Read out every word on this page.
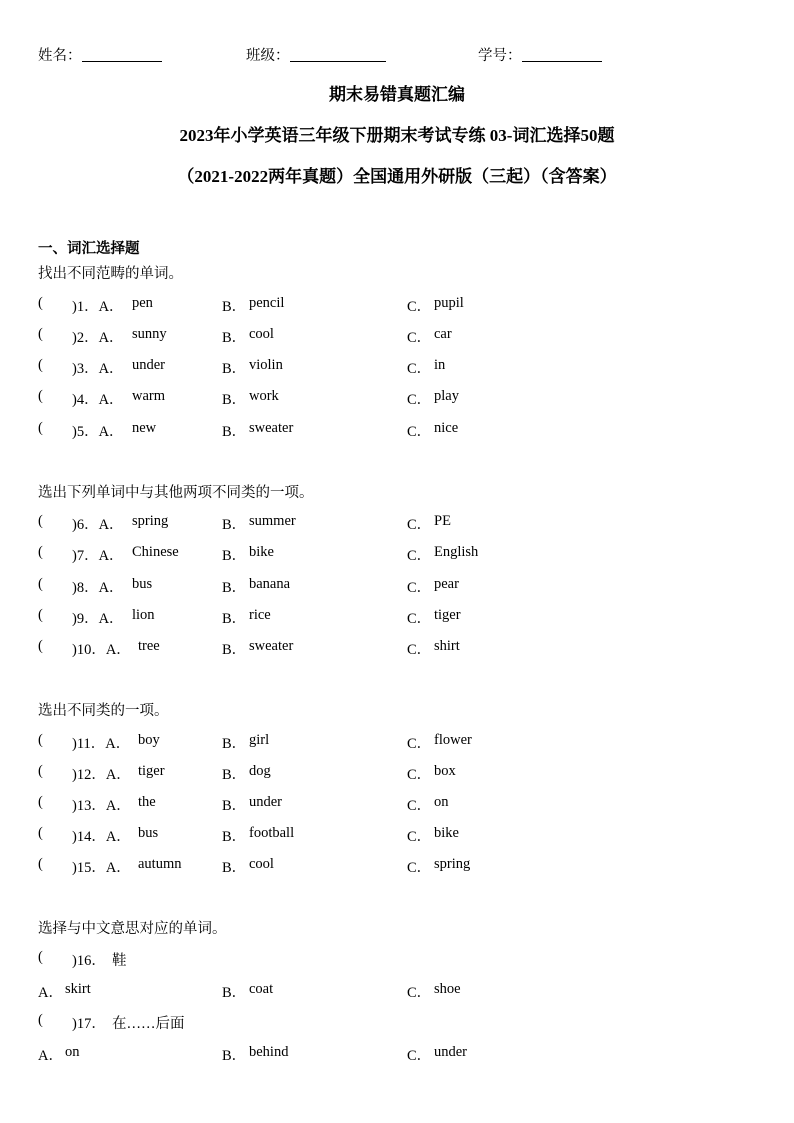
姓名：	班级：	学号：
期末易错真题汇编
2023年小学英语三年级下册期末考试专练 03-词汇选择50题
（2021-2022两年真题）全国通用外研版（三起）（含答案）
一、词汇选择题
找出不同范畴的单词。
( )1．A． pen	B． pencil	C． pupil
( )2．A． sunny	B． cool	C． car
( )3．A． under	B． violin	C． in
( )4．A． warm	B． work	C． play
( )5．A． new	B． sweater	C． nice
选出下列单词中与其他两项不同类的一项。
( )6．A． spring	B． summer	C． PE
( )7．A． Chinese	B． bike	C． English
( )8．A． bus	B． banana	C． pear
( )9．A． lion	B． rice	C． tiger
( )10．A． tree	B． sweater	C． shirt
选出不同类的一项。
( )11．A． boy	B． girl	C． flower
( )12．A． tiger	B． dog	C． box
( )13．A． the	B． under	C． on
( )14．A． bus	B． football	C． bike
( )15．A． autumn	B． cool	C． spring
选择与中文意思对应的单词。
( )16． 鞋
A． skirt	B． coat	C． shoe
( )17． 在……后面
A． on	B． behind	C． under
